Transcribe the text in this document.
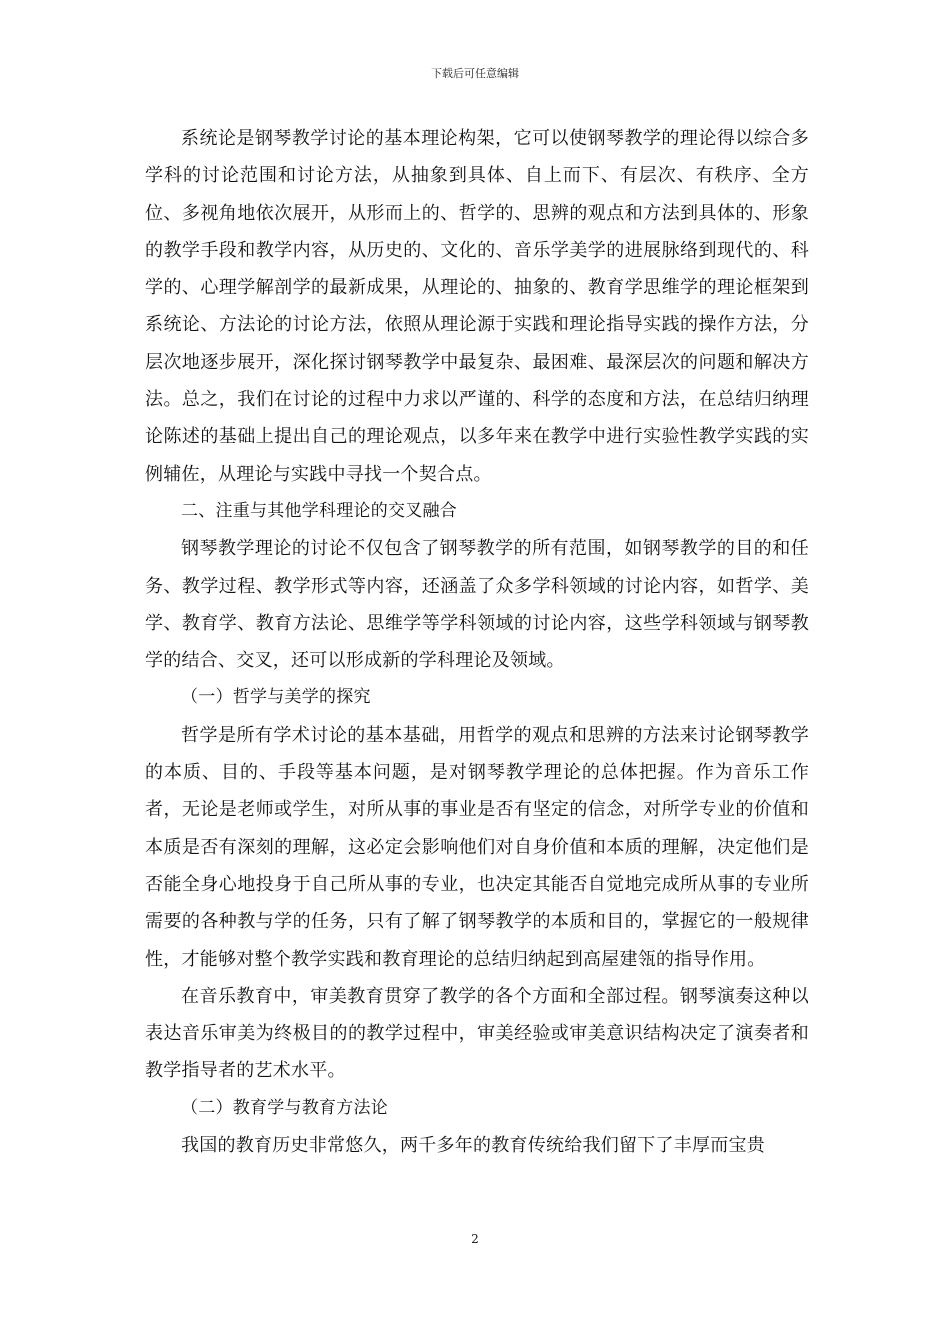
下载后可任意编辑

系统论是钢琴教学讨论的基本理论构架，它可以使钢琴教学的理论得以综合多学科的讨论范围和讨论方法，从抽象到具体、自上而下、有层次、有秩序、全方位、多视角地依次展开，从形而上的、哲学的、思辨的观点和方法到具体的、形象的教学手段和教学内容，从历史的、文化的、音乐学美学的进展脉络到现代的、科学的、心理学解剖学的最新成果，从理论的、抽象的、教育学思维学的理论框架到系统论、方法论的讨论方法，依照从理论源于实践和理论指导实践的操作方法，分层次地逐步展开，深化探讨钢琴教学中最复杂、最困难、最深层次的问题和解决方法。总之，我们在讨论的过程中力求以严谨的、科学的态度和方法，在总结归纳理论陈述的基础上提出自己的理论观点，以多年来在教学中进行实验性教学实践的实例辅佐，从理论与实践中寻找一个契合点。

二、注重与其他学科理论的交叉融合

钢琴教学理论的讨论不仅包含了钢琴教学的所有范围，如钢琴教学的目的和任务、教学过程、教学形式等内容，还涵盖了众多学科领域的讨论内容，如哲学、美学、教育学、教育方法论、思维学等学科领域的讨论内容，这些学科领域与钢琴教学的结合、交叉，还可以形成新的学科理论及领域。

（一）哲学与美学的探究

哲学是所有学术讨论的基本基础，用哲学的观点和思辨的方法来讨论钢琴教学的本质、目的、手段等基本问题，是对钢琴教学理论的总体把握。作为音乐工作者，无论是老师或学生，对所从事的事业是否有坚定的信念，对所学专业的价值和本质是否有深刻的理解，这必定会影响他们对自身价值和本质的理解，决定他们是否能全身心地投身于自己所从事的专业，也决定其能否自觉地完成所从事的专业所需要的各种教与学的任务，只有了解了钢琴教学的本质和目的，掌握它的一般规律性，才能够对整个教学实践和教育理论的总结归纳起到高屋建瓴的指导作用。

在音乐教育中，审美教育贯穿了教学的各个方面和全部过程。钢琴演奏这种以表达音乐审美为终极目的的教学过程中，审美经验或审美意识结构决定了演奏者和教学指导者的艺术水平。

（二）教育学与教育方法论

我国的教育历史非常悠久，两千多年的教育传统给我们留下了丰厚而宝贵

2
